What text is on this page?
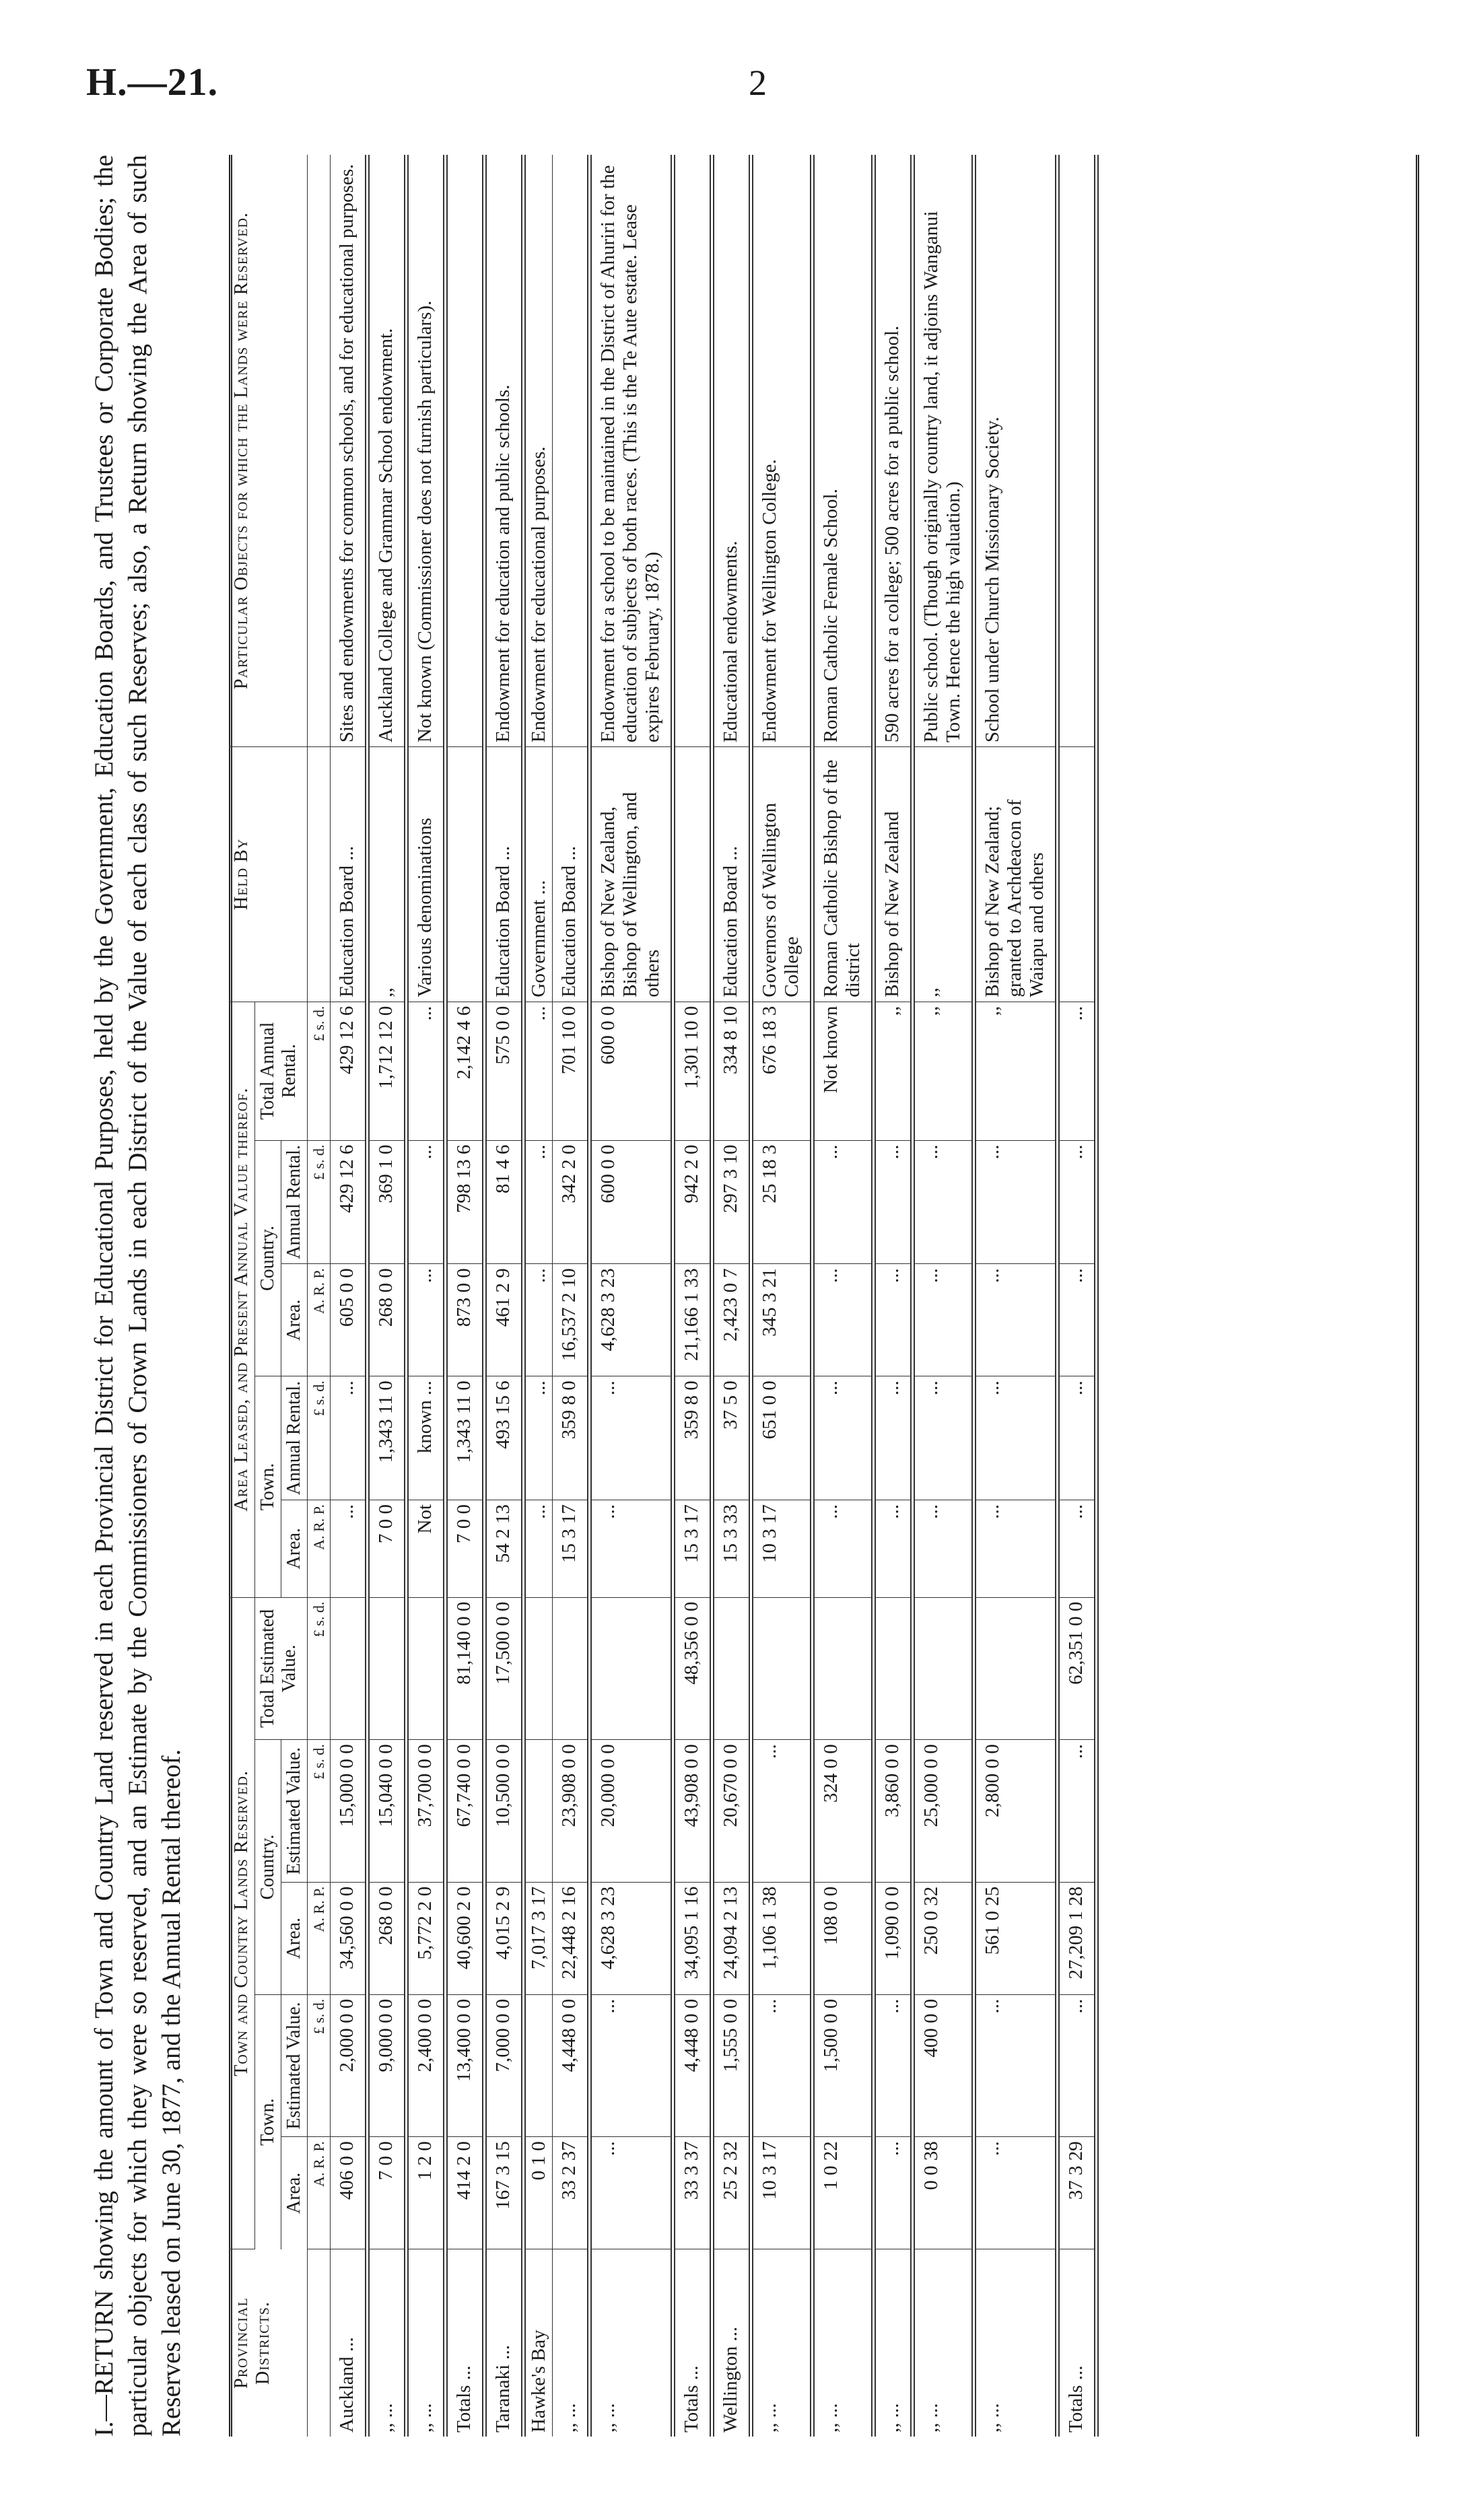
H.—21.	2
I.—RETURN showing the amount of Town and Country Land reserved in each Provincial District for Educational Purposes, held by the Government, Education Boards, and Trustees or Corporate Bodies; the particular objects for which they were so reserved, and an Estimate by the Commissioners of Crown Lands in each District of the Value of each class of such Reserves; also, a Return showing the Area of such Reserves leased on June 30, 1877, and the Annual Rental thereof. Provincial Districts.	Town and Country Lands Reserved.					Area Leased, and Present Annual Value thereof.					Held By	Particular Objects for which the Lands were Reserved.
	Town.		Country.		Total Estimated Value.	Town.		Country.		Total Annual Rental.		
	Area.	Estimated Value.	Area.	Estimated Value.		Area.	Annual Rental.	Area.	Annual Rental.			
	A. R. P.	£ s. d.	A. R. P.	£ s. d.	£ s. d.	A. R. P.	£ s. d.	A. R. P.	£ s. d.	£ s. d.		
Auckland ...	406 0 0	2,000 0 0	34,560 0 0	15,000 0 0		...	...	605 0 0	429 12 6	429 12 6	Education Board ...	Sites and endowments for common schools, and for educational purposes.
,, ...	7 0 0	9,000 0 0	268 0 0	15,040 0 0		7 0 0	1,343 11 0	268 0 0	369 1 0	1,712 12 0	,,	Auckland College and Grammar School endowment.
,, ...	1 2 0	2,400 0 0	5,772 2 0	37,700 0 0		Not	known ...	...	...	...	Various denominations	Not known (Commissioner does not furnish particulars).
Totals ...	414 2 0	13,400 0 0	40,600 2 0	67,740 0 0	81,140 0 0	7 0 0	1,343 11 0	873 0 0	798 13 6	2,142 4 6		
Taranaki ...	167 3 15	7,000 0 0	4,015 2 9	10,500 0 0	17,500 0 0	54 2 13	493 15 6	461 2 9	81 4 6	575 0 0	Education Board ...	Endowment for education and public schools.
Hawke's Bay	0 1 0		7,017 3 17			...	...	...	...	...	Government ...	Endowment for educational purposes.
,, ...	33 2 37	4,448 0 0	22,448 2 16	23,908 0 0		15 3 17	359 8 0	16,537 2 10	342 2 0	701 10 0	Education Board ...	
,, ...	...	...	4,628 3 23	20,000 0 0		...	...	4,628 3 23	600 0 0	600 0 0	Bishop of New Zealand, Bishop of Wellington, and others	Endowment for a school to be maintained in the District of Ahuriri for the education of subjects of both races. (This is the Te Aute estate. Lease expires February, 1878.)
Totals ...	33 3 37	4,448 0 0	34,095 1 16	43,908 0 0	48,356 0 0	15 3 17	359 8 0	21,166 1 33	942 2 0	1,301 10 0		
Wellington ...	25 2 32	1,555 0 0	24,094 2 13	20,670 0 0		15 3 33	37 5 0	2,423 0 7	297 3 10	334 8 10	Education Board ...	Educational endowments.
,, ...	10 3 17	...	1,106 1 38	...		10 3 17	651 0 0	345 3 21	25 18 3	676 18 3	Governors of Wellington College	Endowment for Wellington College.
,, ...	1 0 22	1,500 0 0	108 0 0	324 0 0		...	...	...	...	Not known	Roman Catholic Bishop of the district	Roman Catholic Female School.
,, ...	...	...	1,090 0 0	3,860 0 0		...	...	...	...	,,	Bishop of New Zealand	590 acres for a college; 500 acres for a public school.
,, ...	0 0 38	400 0 0	250 0 32	25,000 0 0		...	...	...	...	,,	,,	Public school. (Though originally country land, it adjoins Wanganui Town. Hence the high valuation.)
,, ...	...	...	561 0 25	2,800 0 0		...	...	...	...	,,	Bishop of New Zealand; granted to Archdeacon of Waiapu and others	School under Church Missionary Society.
Totals ...	37 3 29	...	27,209 1 28	...	62,351 0 0	...	...	...	...	...		
